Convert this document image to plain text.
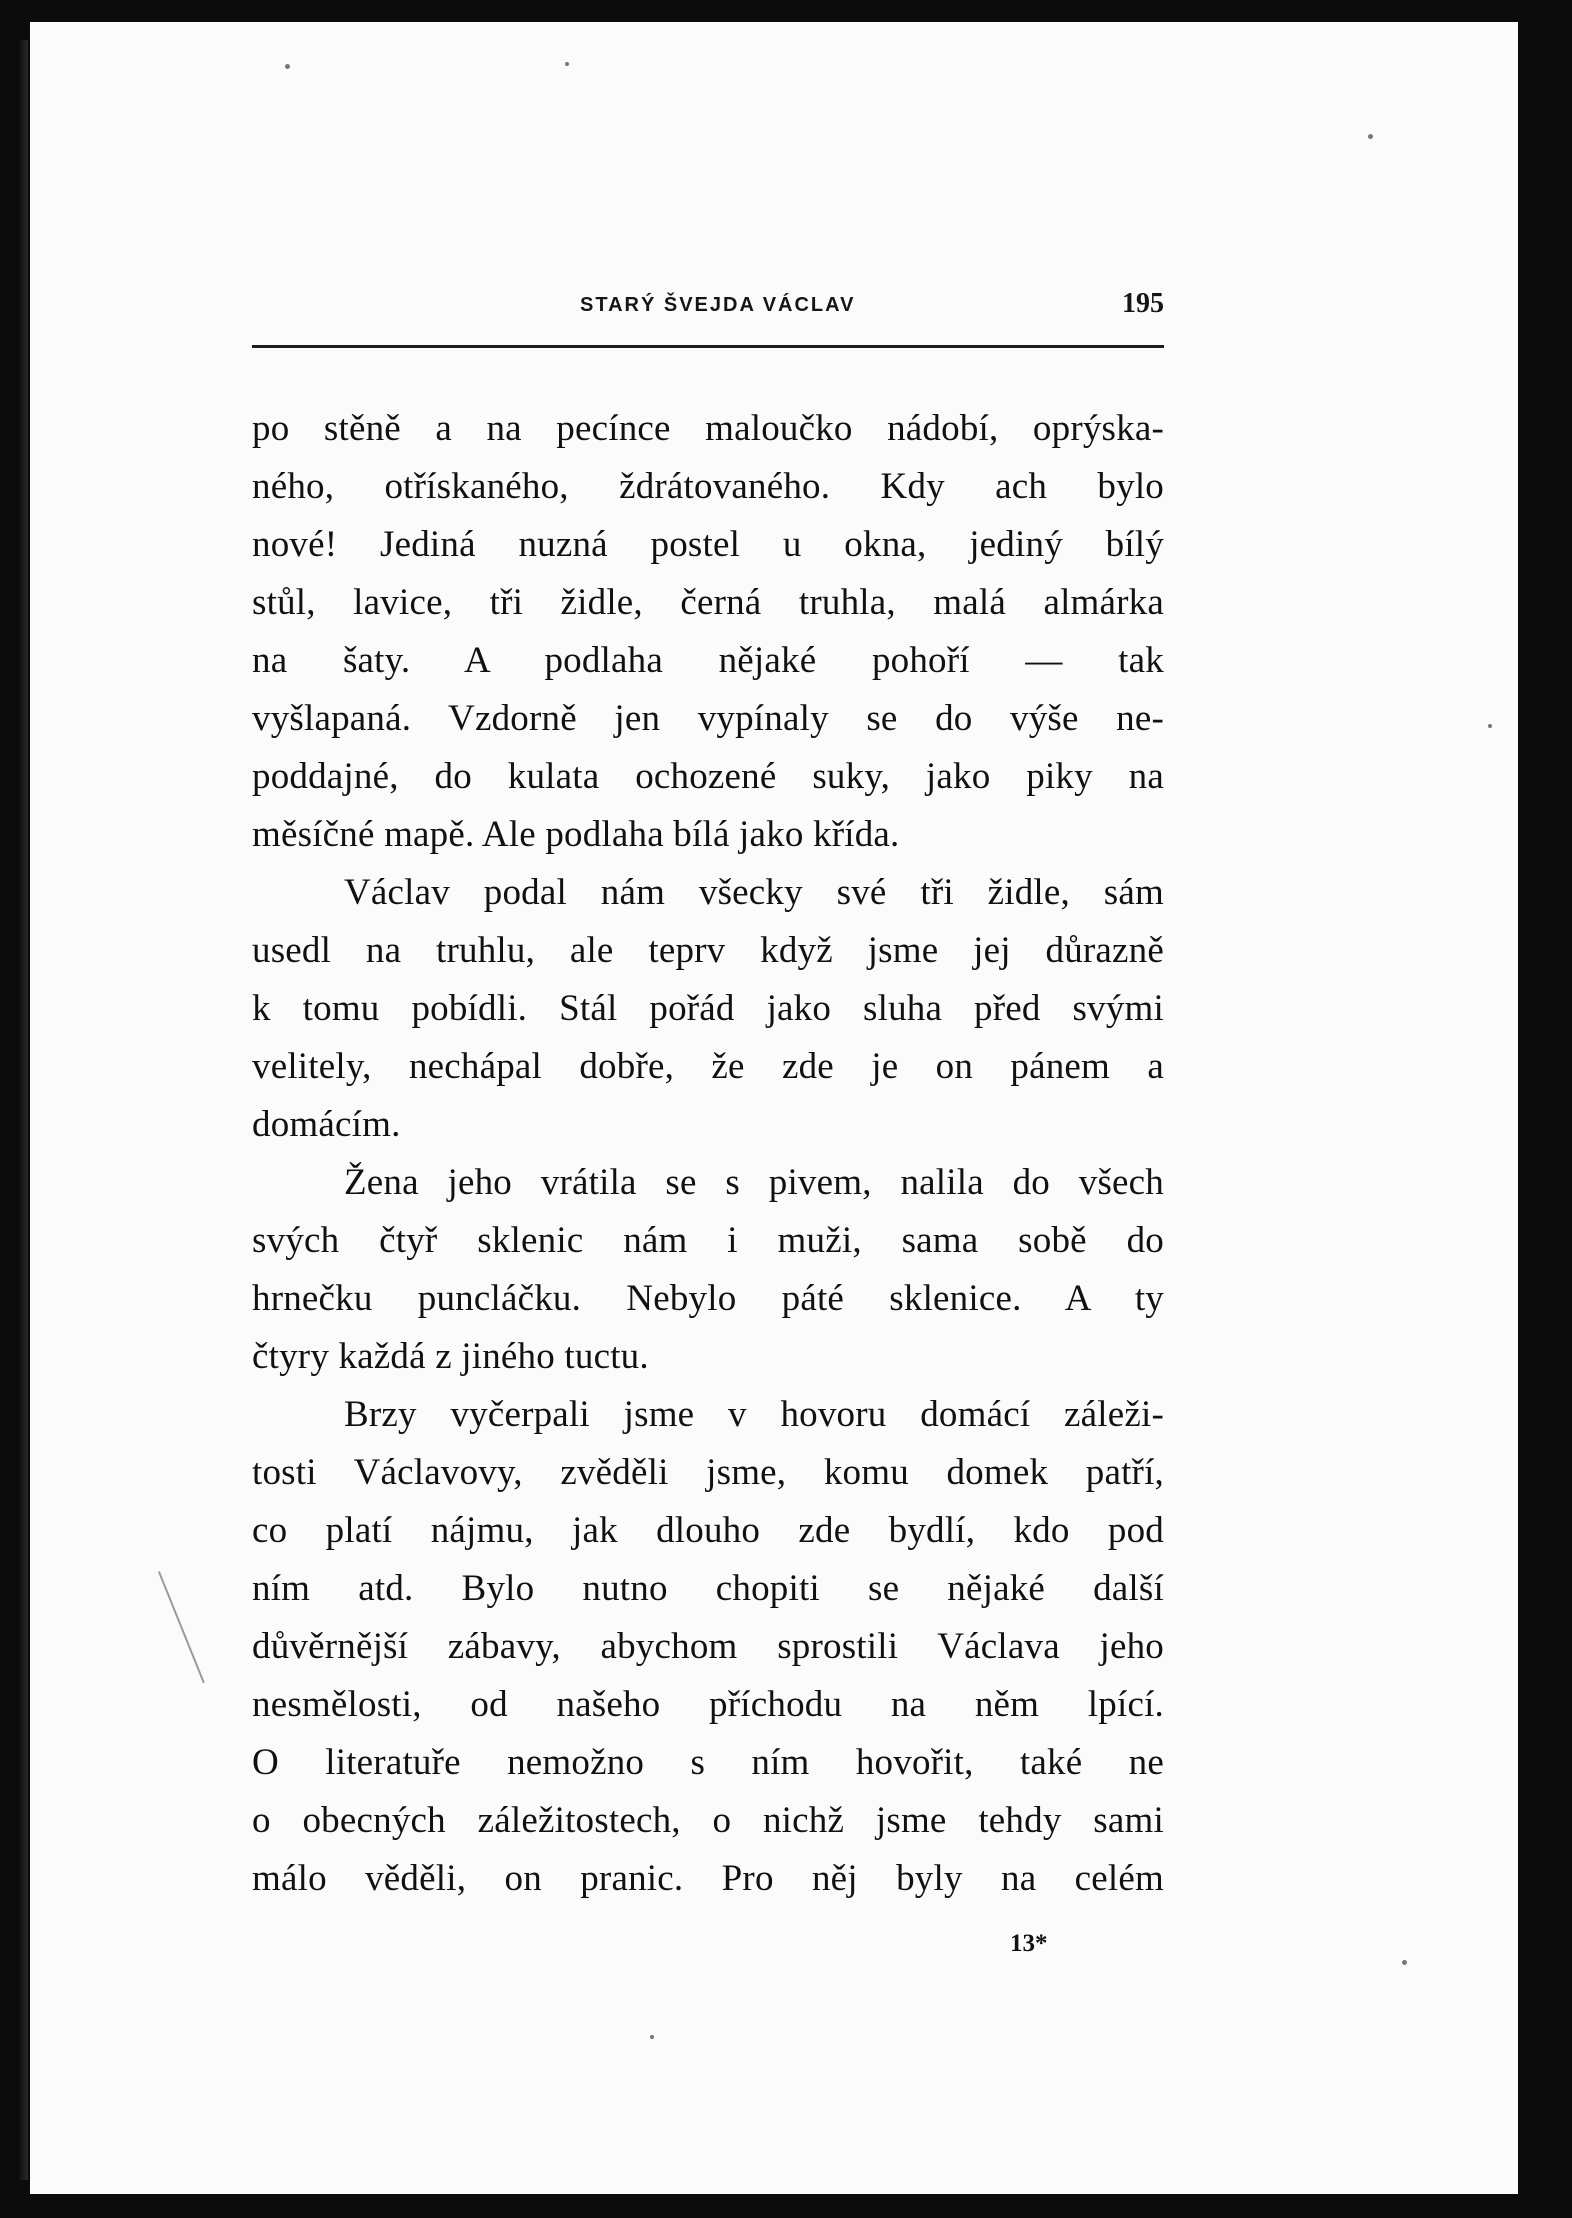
STARÝ ŠVEJDA VÁCLAV	195
po stěně a na pecínce maloučko nádobí, oprýska-
ného, otřískaného, ždrátovaného. Kdy ach bylo
nové! Jediná nuzná postel u okna, jediný bílý
stůl, lavice, tři židle, černá truhla, malá almárka
na šaty. A podlaha nějaké pohoří — tak
vyšlapaná. Vzdorně jen vypínaly se do výše ne-
poddajné, do kulata ochozené suky, jako piky na
měsíčné mapě. Ale podlaha bílá jako křída.
Václav podal nám všecky své tři židle, sám
usedl na truhlu, ale teprv když jsme jej důrazně
k tomu pobídli. Stál pořád jako sluha před svými
velitely, nechápal dobře, že zde je on pánem a
domácím.
Žena jeho vrátila se s pivem, nalila do všech
svých čtyř sklenic nám i muži, sama sobě do
hrnečku puncláčku. Nebylo páté sklenice. A ty
čtyry každá z jiného tuctu.
Brzy vyčerpali jsme v hovoru domácí záleži-
tosti Václavovy, zvěděli jsme, komu domek patří,
co platí nájmu, jak dlouho zde bydlí, kdo pod
ním atd. Bylo nutno chopiti se nějaké další
důvěrnější zábavy, abychom sprostili Václava jeho
nesmělosti, od našeho příchodu na něm lpící.
O literatuře nemožno s ním hovořit, také ne
o obecných záležitostech, o nichž jsme tehdy sami
málo věděli, on pranic. Pro něj byly na celém
13*
